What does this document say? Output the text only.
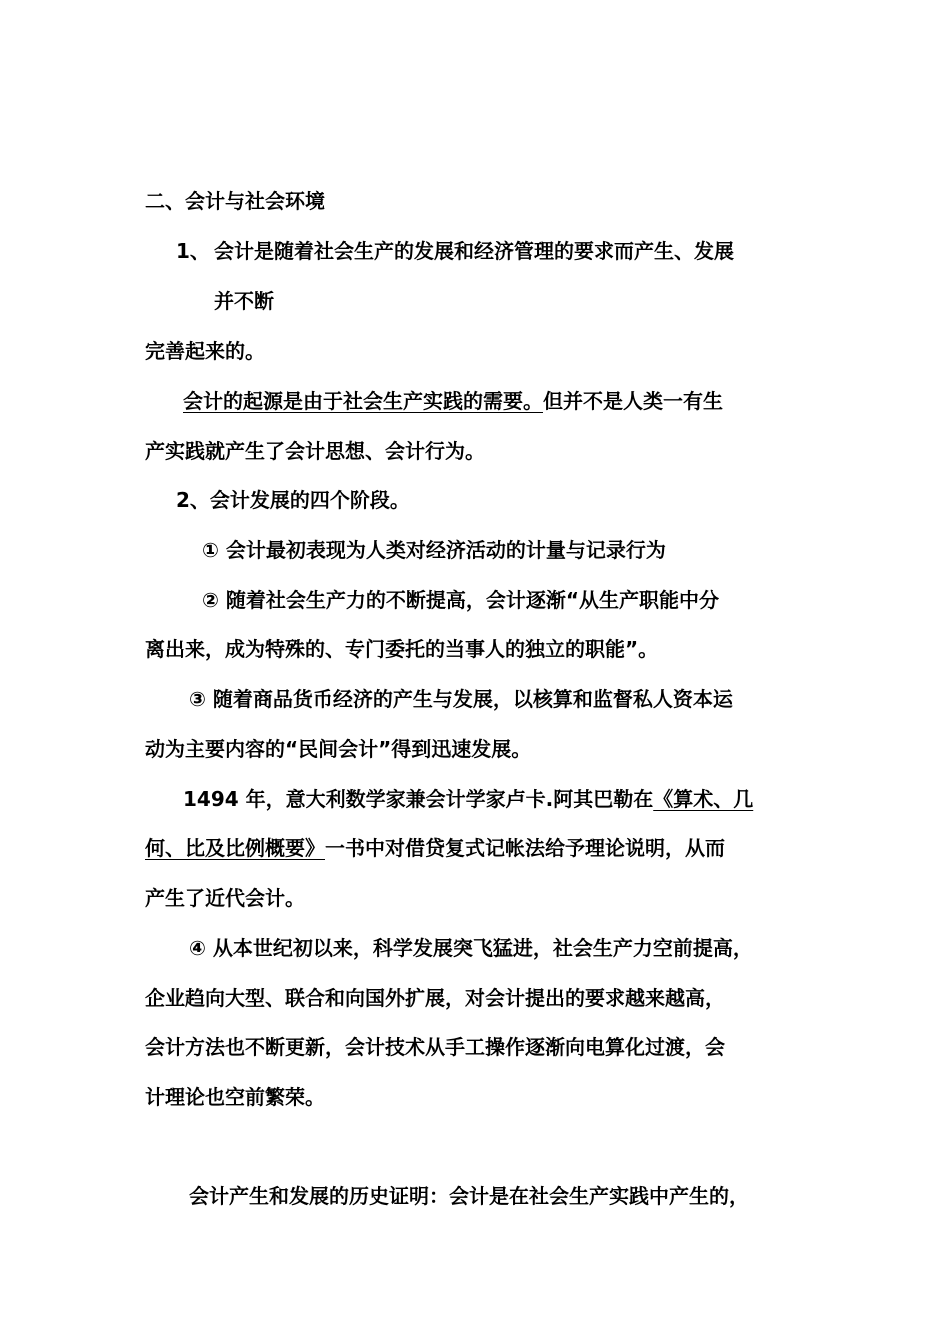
二、会计与社会环境
1、 会计是随着社会生产的发展和经济管理的要求而产生、发展
并不断
完善起来的。
会计的起源是由于社会生产实践的需要。但并不是人类一有生
产实践就产生了会计思想、会计行为。
2、会计发展的四个阶段。
① 会计最初表现为人类对经济活动的计量与记录行为
② 随着社会生产力的不断提高，会计逐渐“从生产职能中分
离出来，成为特殊的、专门委托的当事人的独立的职能”。
③ 随着商品货币经济的产生与发展，以核算和监督私人资本运
动为主要内容的“民间会计”得到迅速发展。
1494 年，意大利数学家兼会计学家卢卡.阿其巴勒在《算术、几
何、比及比例概要》一书中对借贷复式记帐法给予理论说明，从而
产生了近代会计。
④ 从本世纪初以来，科学发展突飞猛进，社会生产力空前提高，
企业趋向大型、联合和向国外扩展，对会计提出的要求越来越高，
会计方法也不断更新，会计技术从手工操作逐渐向电算化过渡，会
计理论也空前繁荣。
会计产生和发展的历史证明：会计是在社会生产实践中产生的，
